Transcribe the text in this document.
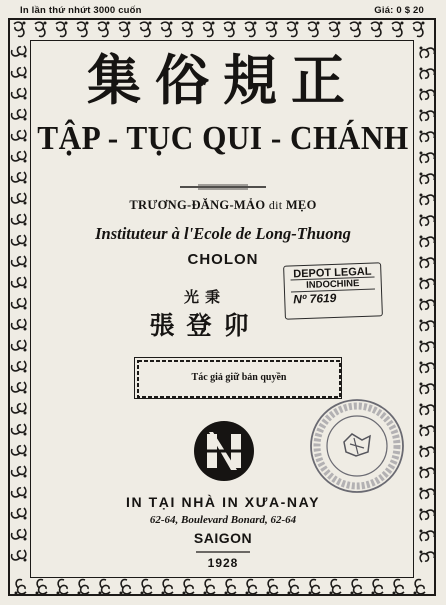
In lần thứ nhứt 3000 cuốn	Giá: 0 $ 20
集俗規正
TẬP - TỤC QUI - CHÁNH
TRƯƠNG-ĐĂNG-MẢO dit MẸO
Instituteur à l'Ecole de Long-Thuong
CHOLON
光秉
張登卯
DEPOT LEGAL
INDOCHINE
Nº 7619
Tác giả giữ bản quyền
IN TẠI NHÀ IN XƯA-NAY
62-64, Boulevard Bonard, 62-64
SAIGON
1928
